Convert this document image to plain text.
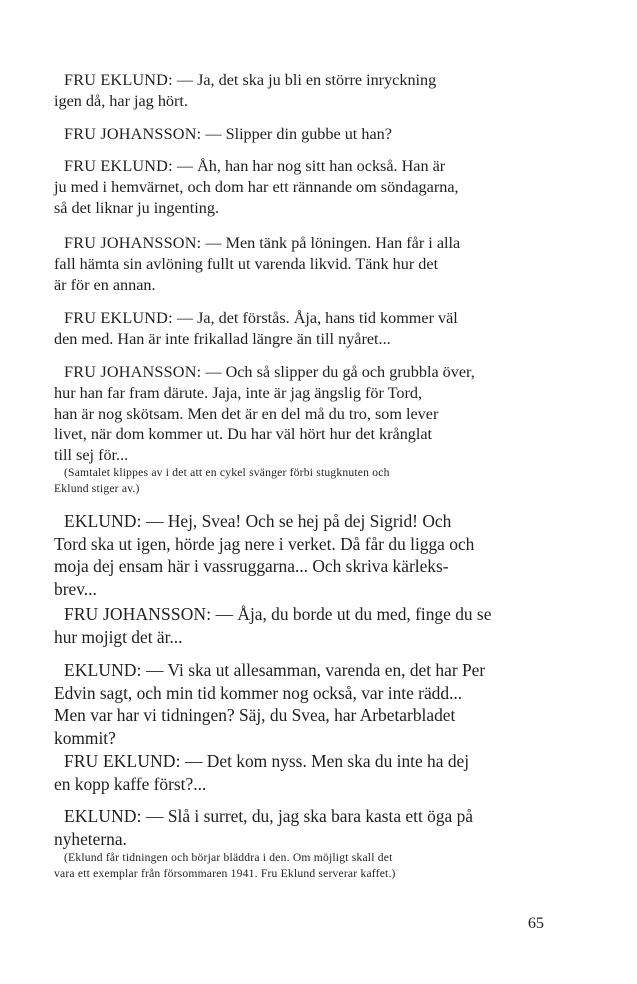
FRU EKLUND: — Ja, det ska ju bli en större inryckning
igen då, har jag hört.
FRU JOHANSSON: — Slipper din gubbe ut han?
FRU EKLUND: — Åh, han har nog sitt han också. Han är
ju med i hemvärnet, och dom har ett rännande om söndagarna,
så det liknar ju ingenting.
FRU JOHANSSON: — Men tänk på löningen. Han får i alla
fall hämta sin avlöning fullt ut varenda likvid. Tänk hur det
är för en annan.
FRU EKLUND: — Ja, det förstås. Åja, hans tid kommer väl
den med. Han är inte frikallad längre än till nyåret...
FRU JOHANSSON: — Och så slipper du gå och grubbla över,
hur han far fram därute. Jaja, inte är jag ängslig för Tord,
han är nog skötsam. Men det är en del må du tro, som lever
livet, när dom kommer ut. Du har väl hört hur det krånglat
till sej för...
(Samtalet klippes av i det att en cykel svänger förbi stugknuten och
Eklund stiger av.)
EKLUND: — Hej, Svea! Och se hej på dej Sigrid! Och
Tord ska ut igen, hörde jag nere i verket. Då får du ligga och
moja dej ensam här i vassruggarna... Och skriva kärleks-
brev...
FRU JOHANSSON: — Åja, du borde ut du med, finge du se
hur mojigt det är...
EKLUND: — Vi ska ut allesamman, varenda en, det har Per
Edvin sagt, och min tid kommer nog också, var inte rädd...
Men var har vi tidningen? Säj, du Svea, har Arbetarbladet
kommit?
FRU EKLUND: — Det kom nyss. Men ska du inte ha dej
en kopp kaffe först?...
EKLUND: — Slå i surret, du, jag ska bara kasta ett öga på
nyheterna.
(Eklund får tidningen och börjar bläddra i den. Om möjligt skall det
vara ett exemplar från försommaren 1941. Fru Eklund serverar kaffet.)
65
